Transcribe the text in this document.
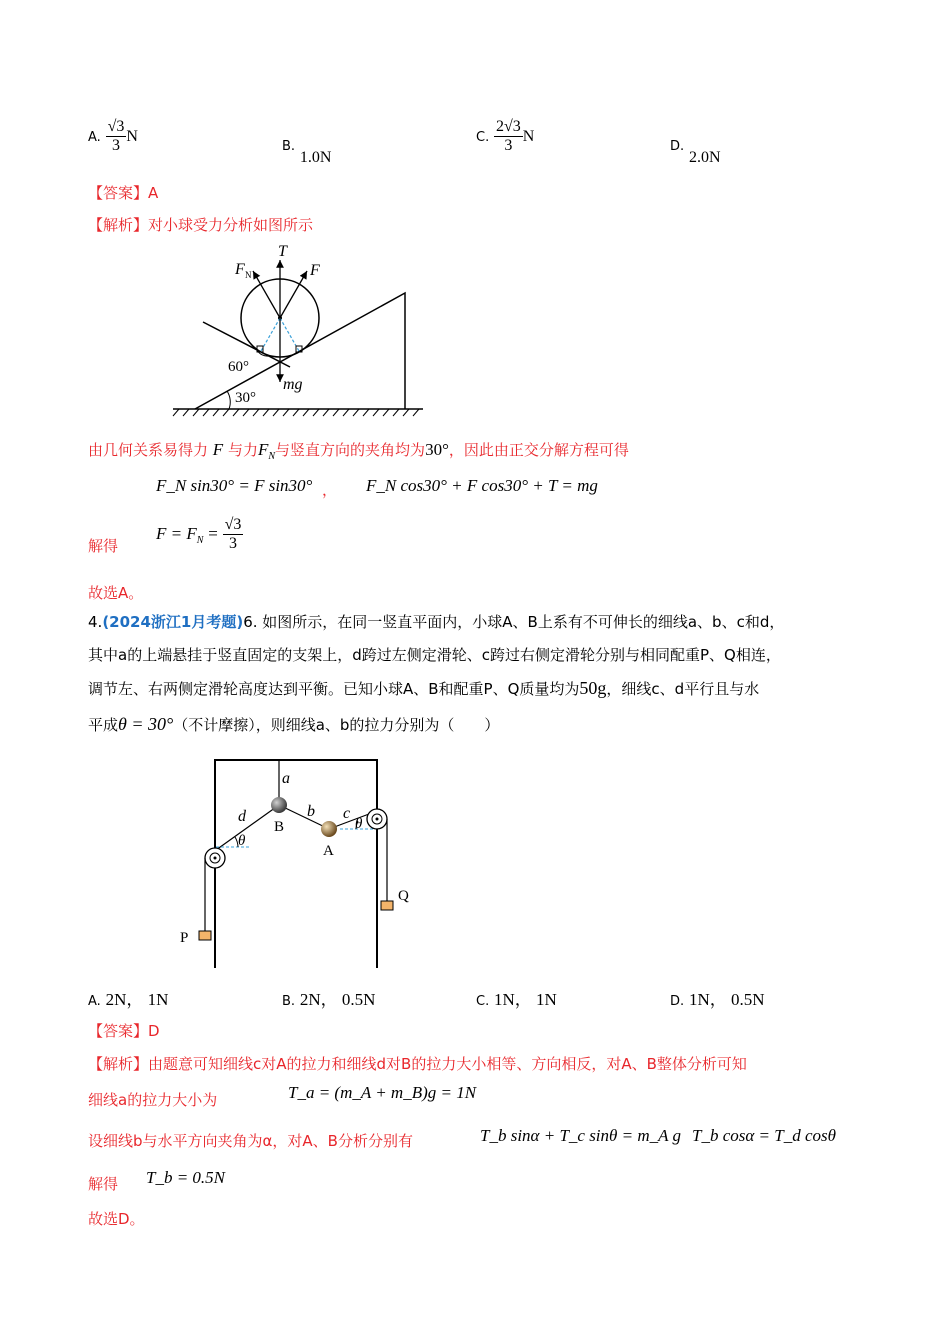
A. $\frac{√3}{3}$ N
B. 1.0N
C. $\frac{2√3}{3}$ N
D. 2.0N
【答案】A
【解析】对小球受力分析如图所示
T
F N	F
mg
60°
30°
由几何关系易得力 F 与力$F_N$与竖直方向的夹角均为30°，因此由正交分解方程可得
F_N sin30° = F sin30° ， F_N cos30° + F cos30° + T = mg
解得
$F = F_N = \frac{√3}{3}$
故选A。
4.(2024浙江1月考题)6. 如图所示，在同一竖直平面内，小球A、B上系有不可伸长的细线a、b、c和d，
其中a的上端悬挂于竖直固定的支架上，d跨过左侧定滑轮、c跨过右侧定滑轮分别与相同配重P、Q相连，
调节左、右两侧定滑轮高度达到平衡。已知小球A、B和配重P、Q质量均为50g，细线c、d平行且与水
平成θ = 30°（不计摩擦），则细线a、b的拉力分别为（　　）
a
b c
d
B
A
P
Q
θ
θ
A. 2N， 1N	B. 2N， 0.5N	C. 1N， 1N	D. 1N， 0.5N
【答案】D
【解析】由题意可知细线c对A的拉力和细线d对B的拉力大小相等、方向相反，对A、B整体分析可知
细线a的拉力大小为	T_a = (m_A + m_B)g = 1N
设细线b与水平方向夹角为α，对A、B分析分别有	T_b sinα + T_c sinθ = m_A g T_b cosα = T_d cosθ
解得 T_b = 0.5N
故选D。
